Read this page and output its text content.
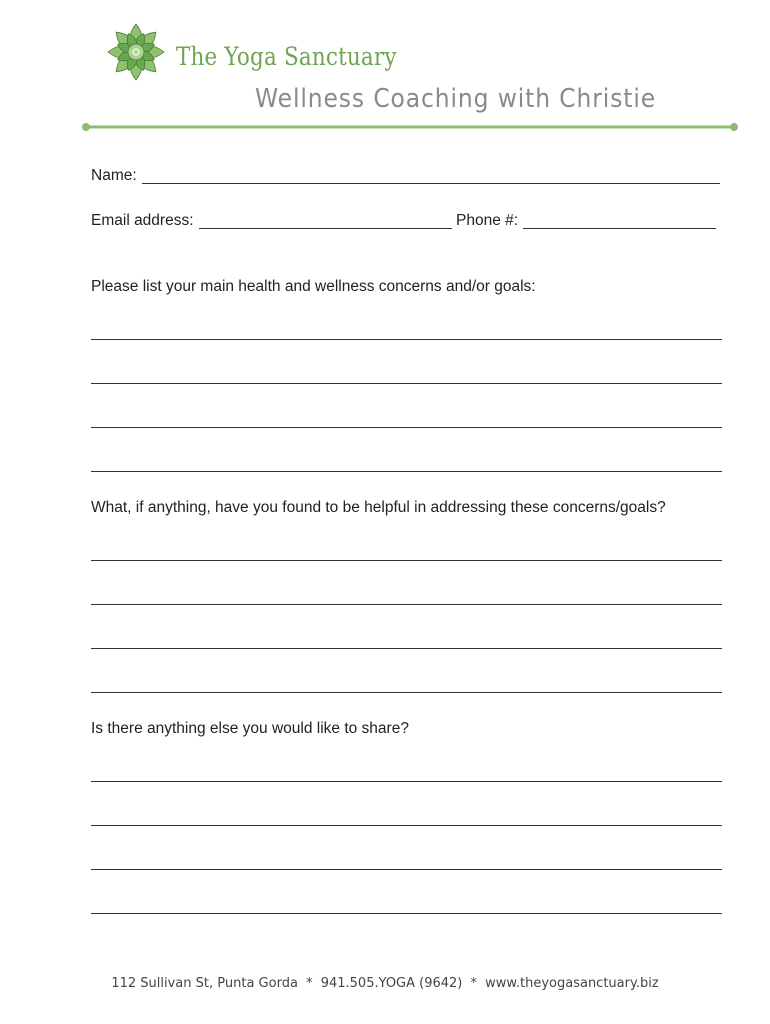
The Yoga Sanctuary
Wellness Coaching with Christie
Name:
Email address:	Phone #:
Please list your main health and wellness concerns and/or goals:
What, if anything, have you found to be helpful in addressing these concerns/goals?
Is there anything else you would like to share?
112 Sullivan St, Punta Gorda * 941.505.YOGA (9642) * www.theyogasanctuary.biz
